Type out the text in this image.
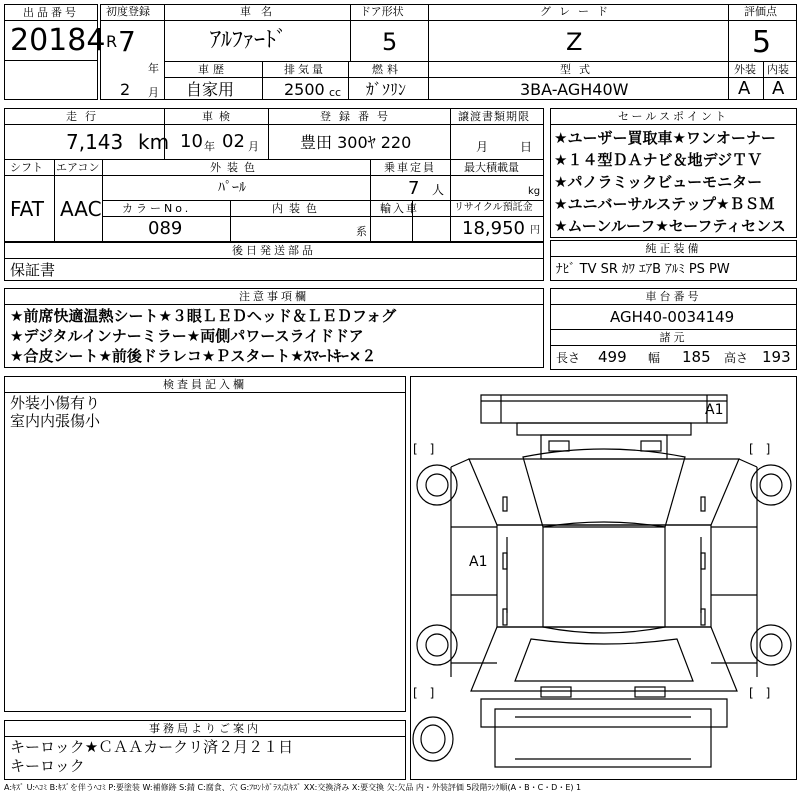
出品番号
20184
初度登録
R 7
年
2 月
車名
ｱﾙﾌｧｰﾄﾞ
ドア形状
5
グレード
Z
評価点
5
車歴
自家用
排気量
2500 cc
燃料
ｶﾞｿﾘﾝ
型式
3BA-AGH40W
外装
A
内装
A
走行
7,143 km
車検
10 年 02 月
登録番号
豊田 300ﾔ 220
譲渡書類期限
月	日
シフト
FAT
エアコン
AAC
外装色
ﾊﾟｰﾙ
乗車定員
7 人
最大積載量
kg
カラーNo.
089
内装色
系
輸入車	リサイクル預託金
18,950 円
後日発送部品
保証書
セールスポイント
★ユーザー買取車★ワンオーナー
★１４型ＤＡナビ＆地デジＴＶ
★パノラミックビューモニター
★ユニバーサルステップ★ＢＳＭ
★ムーンルーフ★セーフティセンス
純正装備
ﾅﾋﾞ TV SR ｶﾜ ｴｱB ｱﾙﾐ PS PW
注意事項欄
★前席快適温熱シート★３眼ＬＥＤヘッド＆ＬＥＤフォグ
★デジタルインナーミラー★両側パワースライドドア
★合皮シート★前後ドラレコ★Ｐスタート★ｽﾏｰﾄｷｰ×２
車台番号
AGH40-0034149
諸元
長さ 499 幅 185 高さ 193
検査員記入欄
外装小傷有り
室内内張傷小
事務局よりご案内
キーロック★ＣＡＡカークリ済２月２１日
キーロック
A1
A1
[　]	[　]
[　]	[　]
A:ｷｽﾞ U:ﾍｺﾐ B:ｷｽﾞを伴うﾍｺﾐ P:要塗装 W:補修跡 S:錆 C:腐食、穴 G:ﾌﾛﾝﾄｶﾞﾗｽ点ｷｽﾞ XX:交換済み X:要交換 欠:欠品 内・外装評価 5段階ﾗﾝｸ順(A・B・C・D・E) 1
